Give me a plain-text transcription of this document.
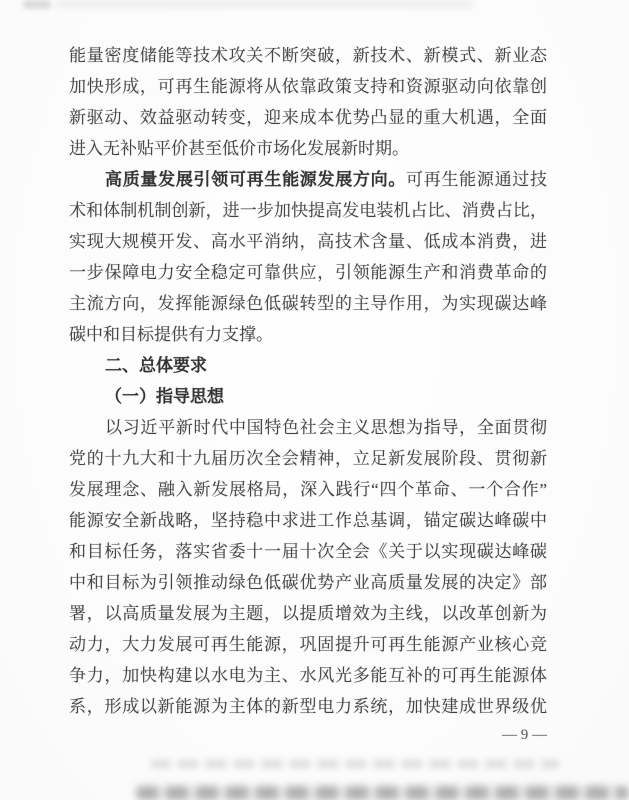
能量密度储能等技术攻关不断突破，新技术、新模式、新业态
加快形成，可再生能源将从依靠政策支持和资源驱动向依靠创
新驱动、效益驱动转变，迎来成本优势凸显的重大机遇，全面
进入无补贴平价甚至低价市场化发展新时期。
高质量发展引领可再生能源发展方向。可再生能源通过技
术和体制机制创新，进一步加快提高发电装机占比、消费占比，
实现大规模开发、高水平消纳，高技术含量、低成本消费，进
一步保障电力安全稳定可靠供应，引领能源生产和消费革命的
主流方向，发挥能源绿色低碳转型的主导作用，为实现碳达峰
碳中和目标提供有力支撑。
二、总体要求
（一）指导思想
以习近平新时代中国特色社会主义思想为指导，全面贯彻
党的十九大和十九届历次全会精神，立足新发展阶段、贯彻新
发展理念、融入新发展格局，深入践行“四个革命、一个合作”
能源安全新战略，坚持稳中求进工作总基调，锚定碳达峰碳中
和目标任务，落实省委十一届十次全会《关于以实现碳达峰碳
中和目标为引领推动绿色低碳优势产业高质量发展的决定》部
署，以高质量发展为主题，以提质增效为主线，以改革创新为
动力，大力发展可再生能源，巩固提升可再生能源产业核心竞
争力，加快构建以水电为主、水风光多能互补的可再生能源体
系，形成以新能源为主体的新型电力系统，加快建成世界级优
— 9 —
